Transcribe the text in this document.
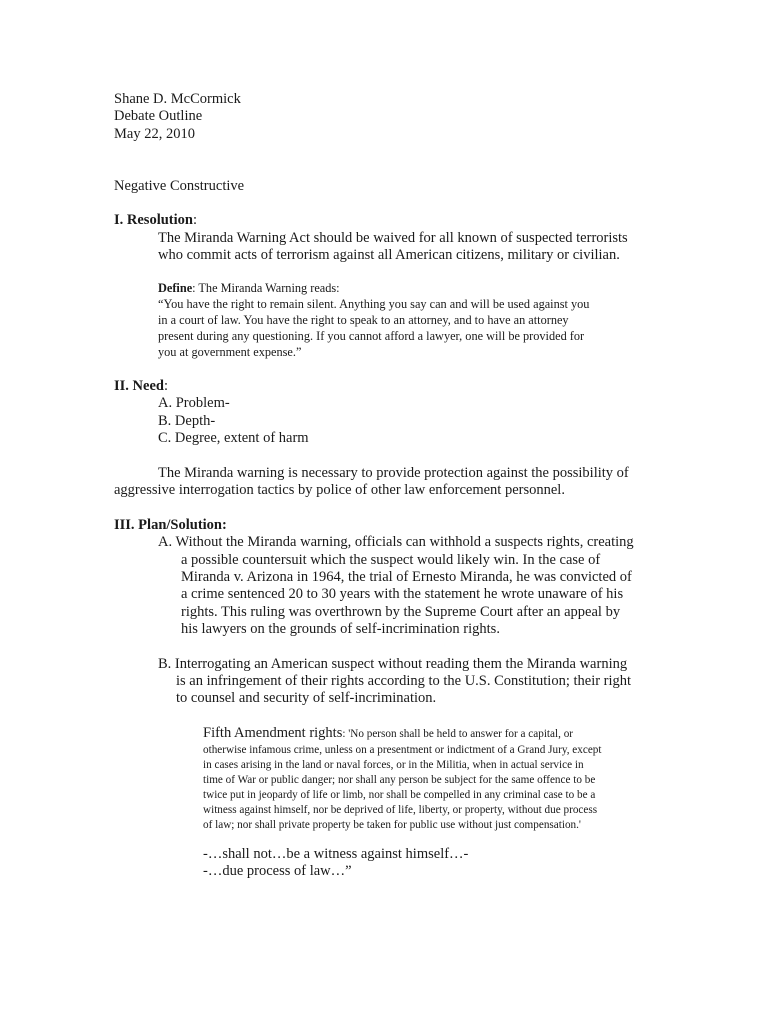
Shane D. McCormick
Debate Outline
May 22, 2010
Negative Constructive
I. Resolution:
The Miranda Warning Act should be waived for all known of suspected terrorists
who commit acts of terrorism against all American citizens, military or civilian.
Define: The Miranda Warning reads:
“You have the right to remain silent. Anything you say can and will be used against you
in a court of law. You have the right to speak to an attorney, and to have an attorney
present during any questioning. If you cannot afford a lawyer, one will be provided for
you at government expense.”
II. Need:
A. Problem-
B. Depth-
C. Degree, extent of harm
The Miranda warning is necessary to provide protection against the possibility of
aggressive interrogation tactics by police of other law enforcement personnel.
III. Plan/Solution:
A. Without the Miranda warning, officials can withhold a suspects rights, creating
a possible countersuit which the suspect would likely win. In the case of
Miranda v. Arizona in 1964, the trial of Ernesto Miranda, he was convicted of
a crime sentenced 20 to 30 years with the statement he wrote unaware of his
rights. This ruling was overthrown by the Supreme Court after an appeal by
his lawyers on the grounds of self-incrimination rights.
B. Interrogating an American suspect without reading them the Miranda warning
is an infringement of their rights according to the U.S. Constitution; their right
to counsel and security of self-incrimination.
Fifth Amendment rights: 'No person shall be held to answer for a capital, or
otherwise infamous crime, unless on a presentment or indictment of a Grand Jury, except
in cases arising in the land or naval forces, or in the Militia, when in actual service in
time of War or public danger; nor shall any person be subject for the same offence to be
twice put in jeopardy of life or limb, nor shall be compelled in any criminal case to be a
witness against himself, nor be deprived of life, liberty, or property, without due process
of law; nor shall private property be taken for public use without just compensation.'
-…shall not…be a witness against himself…-
-…due process of law…”
